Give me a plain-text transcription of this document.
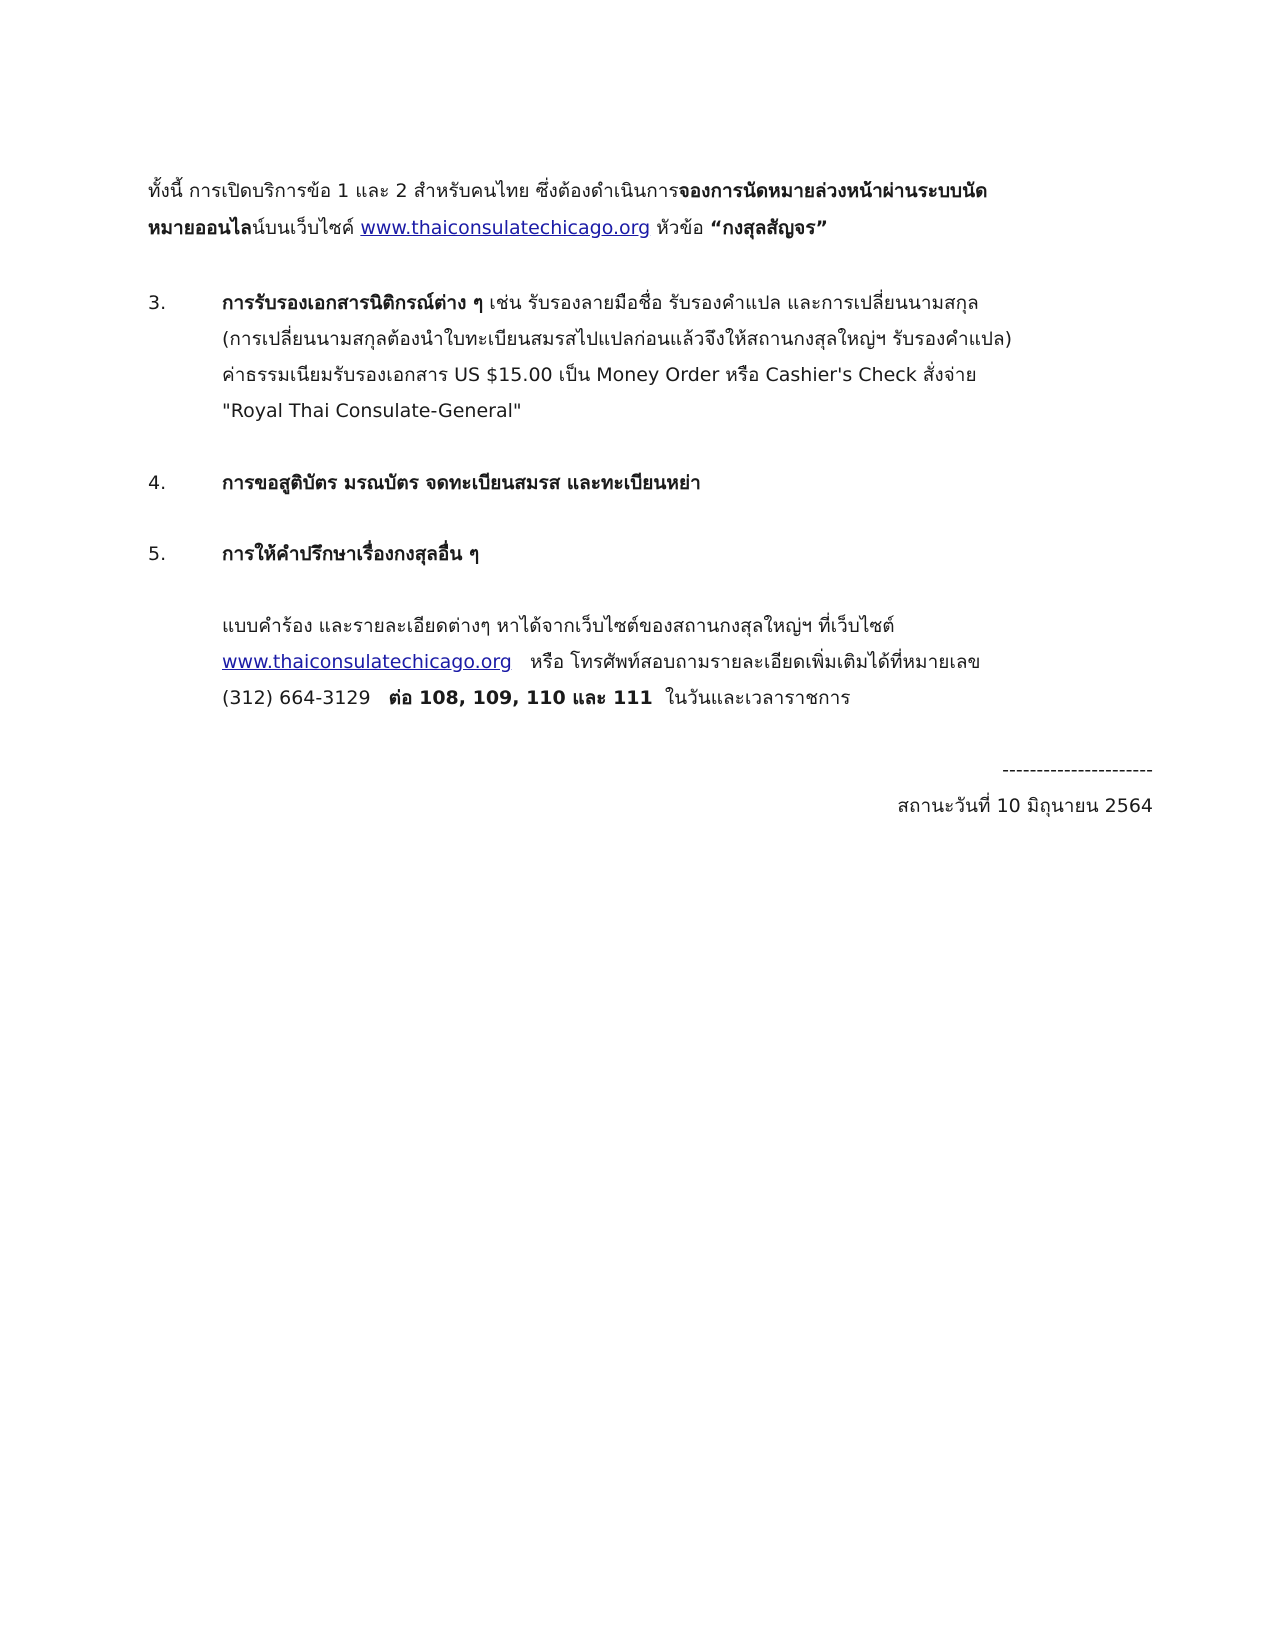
ทั้งนี้ การเปิดบริการข้อ 1 และ 2 สำหรับคนไทย ซึ่งต้องดำเนินการจองการนัดหมายล่วงหน้าผ่านระบบนัด
หมายออนไลน์บนเว็บไซค์ www.thaiconsulatechicago.org หัวข้อ “กงสุลสัญจร”
3.	การรับรองเอกสารนิติกรณ์ต่าง ๆ เช่น รับรองลายมือชื่อ รับรองคำแปล และการเปลี่ยนนามสกุล
(การเปลี่ยนนามสกุลต้องนำใบทะเบียนสมรสไปแปลก่อนแล้วจึงให้สถานกงสุลใหญ่ฯ รับรองคำแปล)
ค่าธรรมเนียมรับรองเอกสาร US $15.00 เป็น Money Order หรือ Cashier's Check สั่งจ่าย
"Royal Thai Consulate-General"
4.	การขอสูติบัตร มรณบัตร จดทะเบียนสมรส และทะเบียนหย่า
5.	การให้คำปรึกษาเรื่องกงสุลอื่น ๆ
แบบคำร้อง และรายละเอียดต่างๆ หาได้จากเว็บไซต์ของสถานกงสุลใหญ่ฯ ที่เว็บไซต์
www.thaiconsulatechicago.org หรือ โทรศัพท์สอบถามรายละเอียดเพิ่มเติมได้ที่หมายเลข
(312) 664-3129 ต่อ 108, 109, 110 และ 111 ในวันและเวลาราชการ
----------------------
สถานะวันที่ 10 มิถุนายน 2564
